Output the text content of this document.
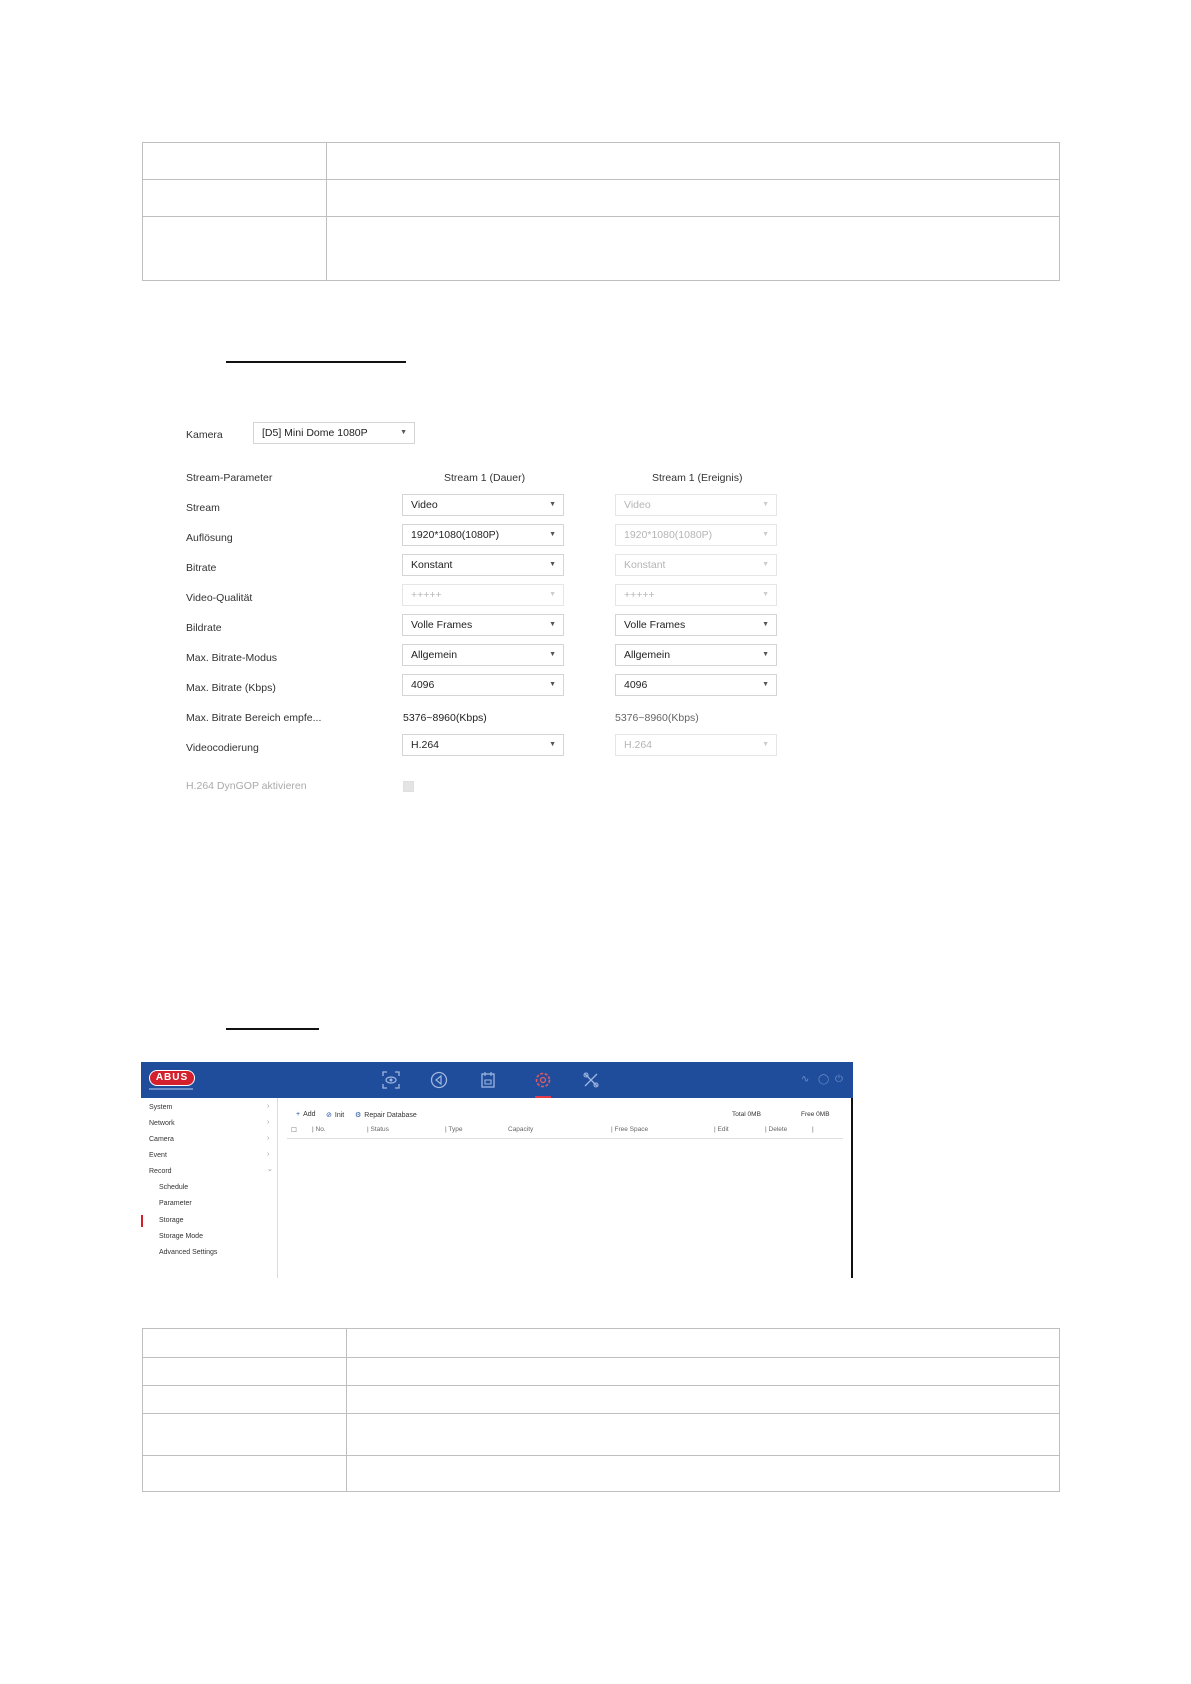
Kamera	[D5] Mini Dome 1080P	▼
Stream-Parameter	Stream 1 (Dauer)	Stream 1 (Ereignis)
Stream	Video	▼	Video	▼
Auflösung	1920*1080(1080P)	▼	1920*1080(1080P)	▼
Bitrate	Konstant	▼	Konstant	▼
Video-Qualität	+++++	▼	+++++	▼
Bildrate	Volle Frames	▼	Volle Frames	▼
Max. Bitrate-Modus	Allgemein	▼	Allgemein	▼
Max. Bitrate (Kbps)	4096	▼	4096	▼
Max. Bitrate Bereich empfe...	5376~8960(Kbps)	5376~8960(Kbps)
Videocodierung	H.264	▼	H.264	▼
H.264 DynGOP aktivieren
ABUS	∿ ◯ ⏻
System	›
Network	›
Camera	›
Event	›
Record	⌄
Schedule
Parameter
Storage
Storage Mode
Advanced Settings
+ Add ⊘ Init ⚙ Repair Database	Total 0MB	Free 0MB
☐ | No.	| Status	| Type	Capacity	| Free Space	| Edit	| Delete	|
